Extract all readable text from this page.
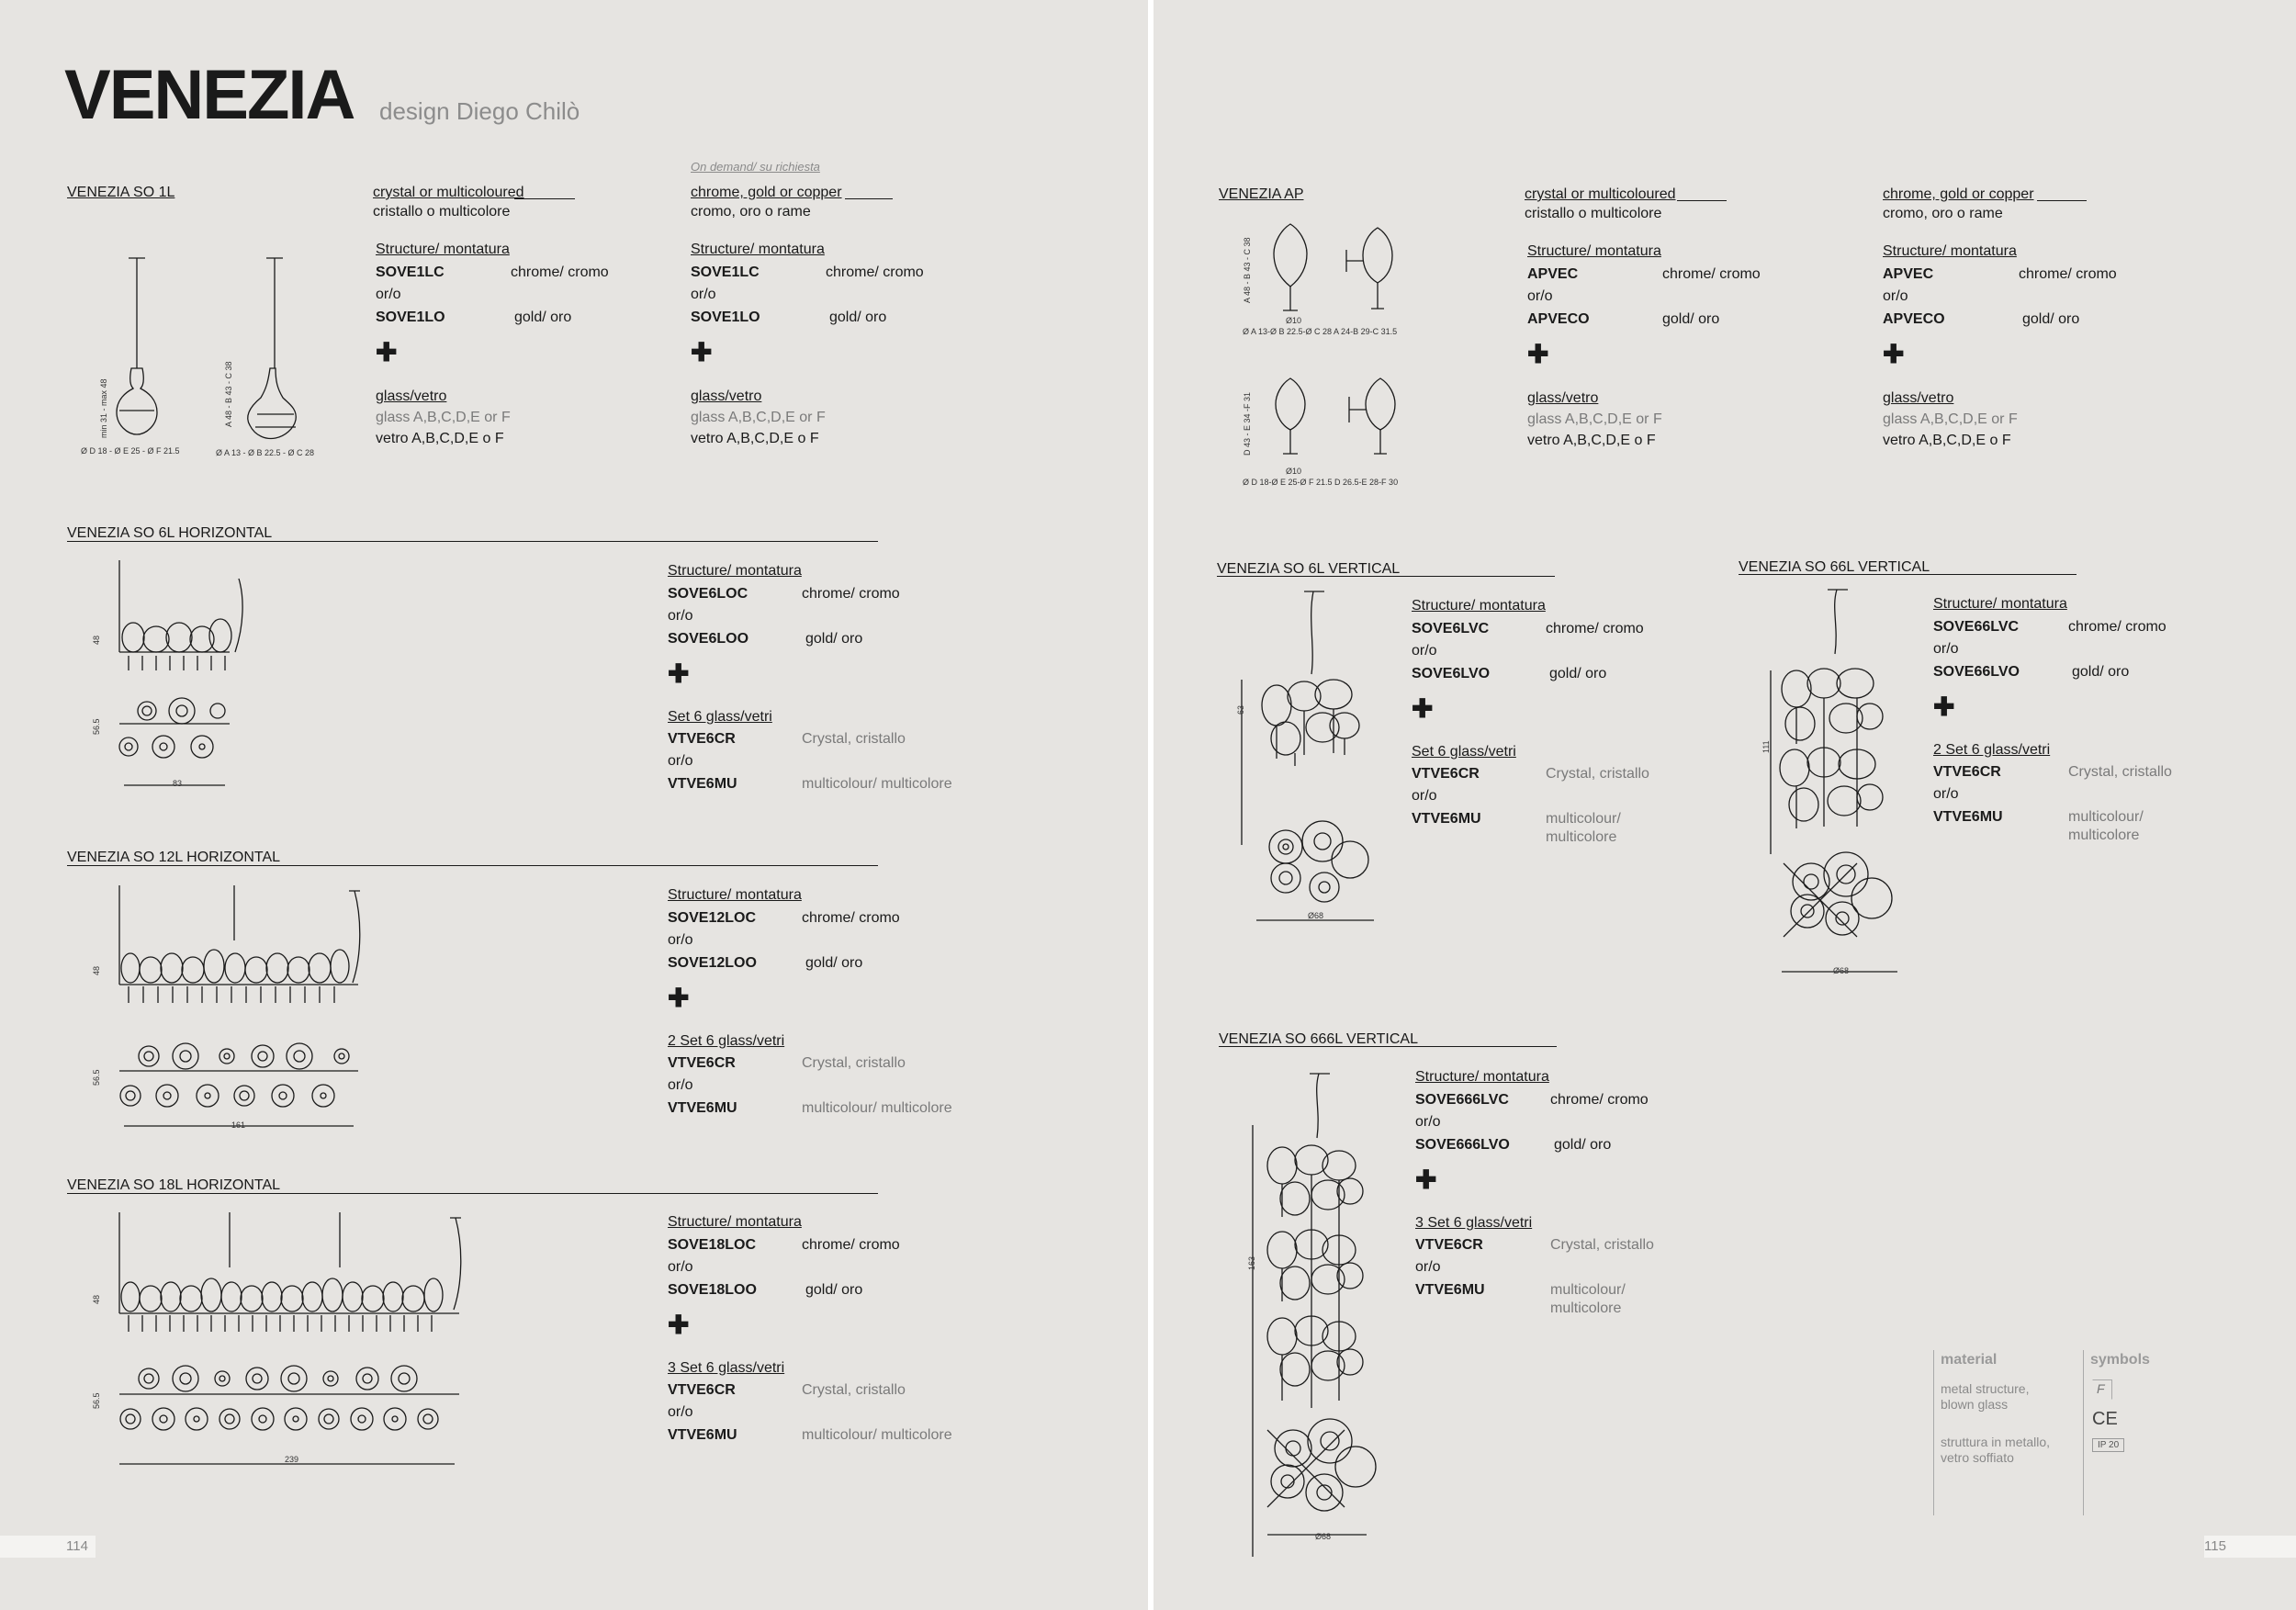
VENEZIA design Diego Chilò
VENEZIA SO 1L	crystal or multicoloured
cristallo o multicolore
On demand/ su richiesta
chrome, gold or copper
cromo, oro o rame
Structure/ montatura
SOVE1LC	chrome/ cromo
or/o
SOVE1LO	gold/ oro
✚
glass/vetro
glass A,B,C,D,E or F
vetro A,B,C,D,E o F
Structure/ montatura
SOVE1LC	chrome/ cromo
or/o
SOVE1LO	gold/ oro
✚
glass/vetro
glass A,B,C,D,E or F
vetro A,B,C,D,E o F
min 31 - max 48	A 48 - B 43 - C 38
Ø D 18 - Ø E 25 - Ø F 21.5	Ø A 13 - Ø B 22.5 - Ø C 28
VENEZIA SO 6L HORIZONTAL
Structure/ montatura
SOVE6LOC	chrome/ cromo
or/o
SOVE6LOO	gold/ oro
✚
Set 6 glass/vetri
VTVE6CR	Crystal, cristallo
or/o
VTVE6MU	multicolour/ multicolore
48
56.5
83
VENEZIA SO 12L HORIZONTAL
Structure/ montatura
SOVE12LOC	chrome/ cromo
or/o
SOVE12LOO	gold/ oro
✚
2 Set 6 glass/vetri
VTVE6CR	Crystal, cristallo
or/o
VTVE6MU	multicolour/ multicolore
48
56.5
161
VENEZIA SO 18L HORIZONTAL
Structure/ montatura
SOVE18LOC	chrome/ cromo
or/o
SOVE18LOO	gold/ oro
✚
3 Set 6 glass/vetri
VTVE6CR	Crystal, cristallo
or/o
VTVE6MU	multicolour/ multicolore
48
56.5
239
114
VENEZIA AP	crystal or multicoloured
cristallo o multicolore
chrome, gold or copper
cromo, oro o rame
Structure/ montatura
APVEC	chrome/ cromo
or/o
APVECO	gold/ oro
✚
glass/vetro
glass A,B,C,D,E or F
vetro A,B,C,D,E o F
Structure/ montatura
APVEC	chrome/ cromo
or/o
APVECO	gold/ oro
✚
glass/vetro
glass A,B,C,D,E or F
vetro A,B,C,D,E o F
A 48 - B 43 - C 38
Ø10
Ø A 13-Ø B 22.5-Ø C 28 A 24-B 29-C 31.5
D 43 - E 34 -F 31
Ø10
Ø D 18-Ø E 25-Ø F 21.5 D 26.5-E 28-F 30
VENEZIA SO 6L VERTICAL
Structure/ montatura
SOVE6LVC	chrome/ cromo
or/o
SOVE6LVO	gold/ oro
✚
Set 6 glass/vetri
VTVE6CR	Crystal, cristallo
or/o
VTVE6MU	multicolour/
multicolore
63
Ø68
VENEZIA SO 66L VERTICAL
Structure/ montatura
SOVE66LVC	chrome/ cromo
or/o
SOVE66LVO	gold/ oro
✚
2 Set 6 glass/vetri
VTVE6CR	Crystal, cristallo
or/o
VTVE6MU	multicolour/
multicolore
111
Ø68
VENEZIA SO 666L VERTICAL
Structure/ montatura
SOVE666LVC	chrome/ cromo
or/o
SOVE666LVO	gold/ oro
✚
3 Set 6 glass/vetri
VTVE6CR	Crystal, cristallo
or/o
VTVE6MU	multicolour/
multicolore
163
Ø68
material
metal structure,
blown glass
struttura in metallo,
vetro soffiato
symbols
F
CE
IP 20
115
